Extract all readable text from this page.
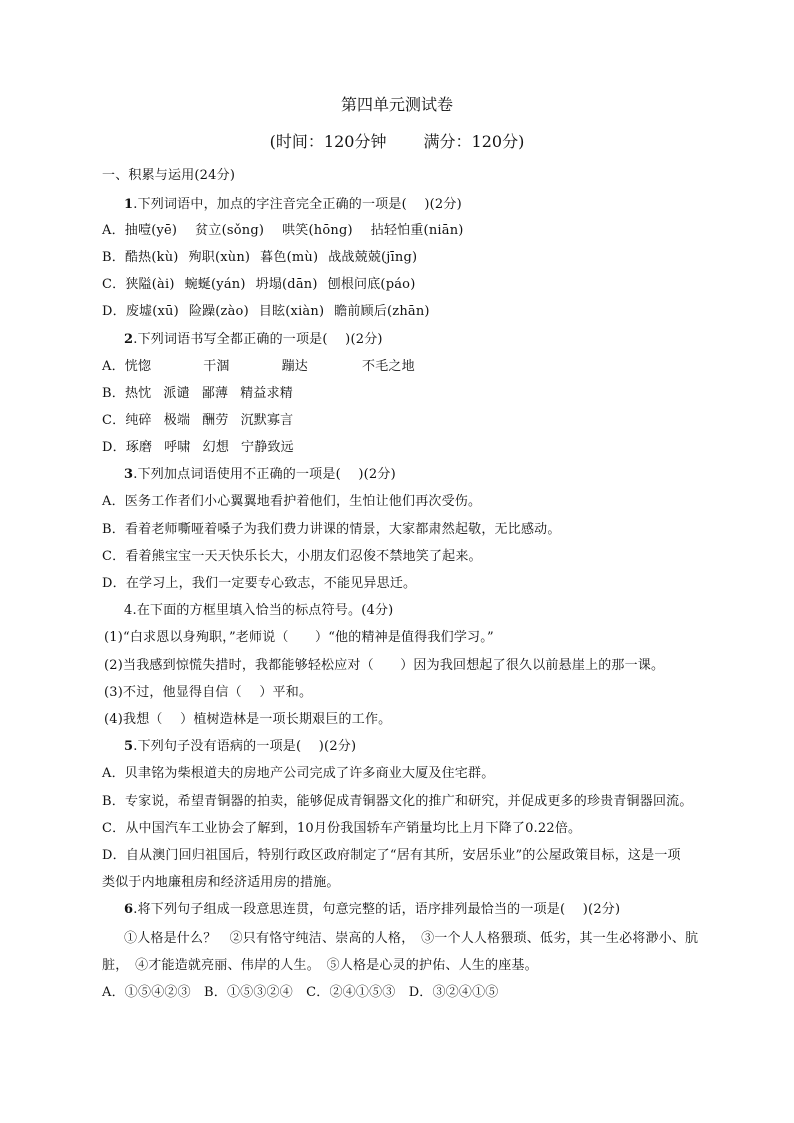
第四单元测试卷
(时间：120分钟　　 满分：120分)
一、积累与运用(24分)
1.下列词语中，加点的字注音完全正确的一项是(　 )(2分)
A．抽噎(yē) 贫立(sǒng) 哄笑(hōng) 拈轻怕重(niān)
B．酷热(kù) 殉职(xùn) 暮色(mù) 战战兢兢(jīng)
C．狭隘(ài) 蜿蜒(yán) 坍塌(dān) 刨根问底(páo)
D．废墟(xū) 险躁(zào) 目眩(xiàn) 瞻前顾后(zhān)
2.下列词语书写全都正确的一项是(　 )(2分)
A．恍惚	干涸	蹦达	不毛之地
B．热忱 派谴 鄙薄 精益求精
C．纯碎 极端 酬劳 沉默寡言
D．琢磨 呼啸 幻想 宁静致远
3.下列加点词语使用不正确的一项是(　 )(2分)
A．医务工作者们小心翼翼地看护着他们，生怕让他们再次受伤。
B．看着老师嘶哑着嗓子为我们费力讲课的情景，大家都肃然起敬，无比感动。
C．看着熊宝宝一天天快乐长大，小朋友们忍俊不禁地笑了起来。
D．在学习上，我们一定要专心致志，不能见异思迁。
4.在下面的方框里填入恰当的标点符号。(4分)
(1)“白求恩以身殉职，”老师说（　　）“他的精神是值得我们学习。”
(2)当我感到惊慌失措时，我都能够轻松应对（　　）因为我回想起了很久以前悬崖上的那一课。
(3)不过，他显得自信（　 ）平和。
(4)我想（　 ）植树造林是一项长期艰巨的工作。
5.下列句子没有语病的一项是(　 )(2分)
A．贝聿铭为柴根道夫的房地产公司完成了许多商业大厦及住宅群。
B．专家说，希望青铜器的拍卖，能够促成青铜器文化的推广和研究，并促成更多的珍贵青铜器回流。
C．从中国汽车工业协会了解到，10月份我国轿车产销量均比上月下降了0.22倍。
D．自从澳门回归祖国后，特别行政区政府制定了“居有其所，安居乐业”的公屋政策目标，这是一项
类似于内地廉租房和经济适用房的措施。
6.将下列句子组成一段意思连贯，句意完整的话，语序排列最恰当的一项是(　 )(2分)
①人格是什么？　②只有恪守纯洁、崇高的人格，　③一个人人格猥琐、低劣，其一生必将渺小、肮
脏，　④才能造就亮丽、伟岸的人生。　⑤人格是心灵的护佑、人生的座基。
A．①⑤④②③　B．①⑤③②④　C．②④①⑤③　D．③②④①⑤
